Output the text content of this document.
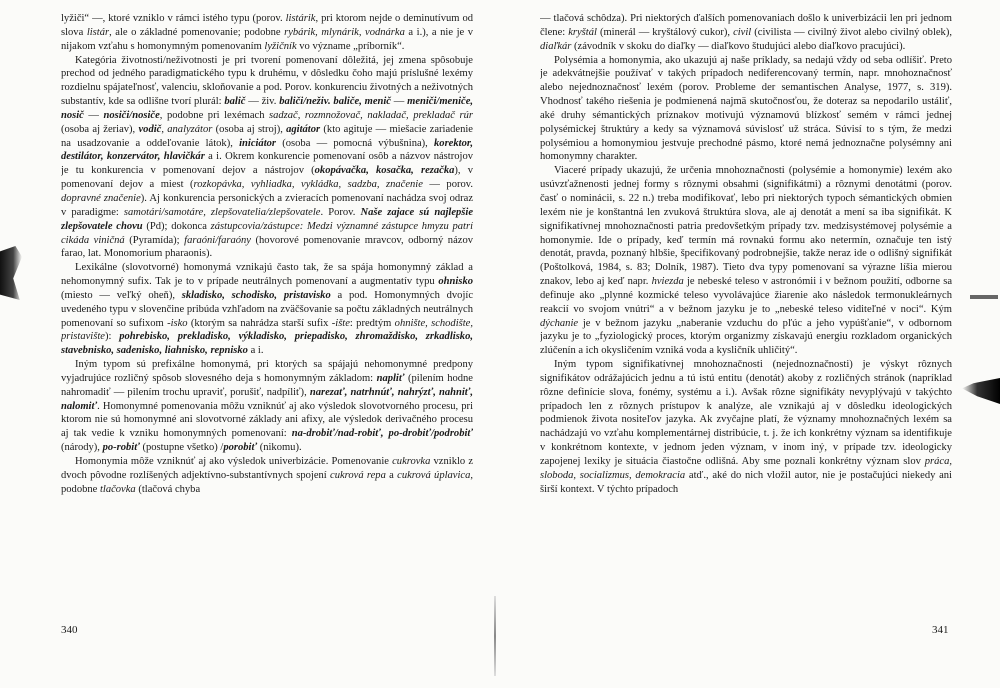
lyžiči“ —, ktoré vzniklo v rámci istého typu (porov. listárik, pri ktorom nejde o deminutívum od slova listár, ale o základné pomenovanie; podobne rybárik, mlynárik, vodnárka a i.), a nie je v nijakom vzťahu s homonymným pomenovaním lyžičník vo význame „príborník“.

Kategória životnosti/neživotnosti je pri tvorení pomenovaní dôležitá, jej zmena spôsobuje prechod od jedného paradigmatického typu k druhému, v dôsledku čoho majú príslušné lexémy rozdielnu spájateľnosť, valenciu, skloňovanie a pod. Porov. konkurenciu životných a neživotných substantív, kde sa odlišne tvorí plurál: balič — živ. baliči/neživ. baliče, menič — meniči/meniče, nosič — nosiči/nosiče, podobne pri lexémach sadzač, rozmnožovač, nakladač, prekladač rúr (osoba aj žeriav), vodič, analyzátor (osoba aj stroj), agitátor (kto agituje — miešacie zariadenie na usadzovanie a oddeľovanie látok), iniciátor (osoba — pomocná výbušnina), korektor, destilátor, konzervátor, hlavičkár a i. Okrem konkurencie pomenovaní osôb a názvov nástrojov je tu konkurencia v pomenovaní dejov a nástrojov (okopávačka, kosačka, rezačka), v pomenovaní dejov a miest (rozkopávka, vyhliadka, vykládka, sadzba, značenie — porov. dopravné značenie). Aj konkurencia personických a zvieracích pomenovaní nachádza svoj odraz v paradigme: samotári/samotáre, zlepšovatelia/zlepšovatele. Porov. Naše zajace sú najlepšie zlepšovatele chovu (Pd); dokonca zástupcovia/zástupce: Medzi významné zástupce hmyzu patrí cikáda viničná (Pyramída); faraóni/faraóny (hovorové pomenovanie mravcov, odborný názov farao, lat. Monomorium pharaonis).

Lexikálne (slovotvorné) homonymá vznikajú často tak, že sa spája homonymný základ a nehomonymný sufix. Tak je to v prípade neutrálnych pomenovaní a augmentatív typu ohnisko (miesto — veľký oheň), skladisko, schodisko, pristavisko a pod. Homonymných dvojíc uvedeného typu v slovenčine pribúda vzhľadom na zväčšovanie sa počtu základných neutrálnych pomenovaní so sufixom -isko (ktorým sa nahrádza starší sufix -ište: predtým ohnište, schodište, pristavište): pohrebisko, prekladisko, výkladisko, priepadisko, zhromaždisko, zrkadlisko, stavebnisko, sadenisko, liahnisko, repnisko a i.

Iným typom sú prefixálne homonymá, pri ktorých sa spájajú nehomonymné predpony vyjadrujúce rozličný spôsob slovesného deja s homonymným základom: napliť (pilením hodne nahromadiť — pilením trochu upraviť, porušiť, nadpíliť), narezať, natrhnúť, nahrýzť, nahniť, nalomiť. Homonymné pomenovania môžu vzniknúť aj ako výsledok slovotvorného procesu, pri ktorom nie sú homonymné ani slovotvorné základy ani afixy, ale výsledok derivačného procesu aj tak vedie k vzniku homonymných pomenovaní: na-drobiť/nad-robiť, po-drobiť/podrobiť (národy), po-robiť (postupne všetko) /porobiť (nikomu).

Homonymia môže vzniknúť aj ako výsledok univerbizácie. Pomenovanie cukrovka vzniklo z dvoch pôvodne rozlíšených adjektívno-substantívnych spojení cukrová repa a cukrová úplavica, podobne tlačovka (tlačová chyba

— tlačová schôdza). Pri niektorých ďalších pomenovaniach došlo k univerbizácii len pri jednom člene: kryštál (minerál — kryštálový cukor), civil (civilista — civilný život alebo civilný oblek), diaľkár (závodník v skoku do diaľky — diaľkovo študujúci alebo diaľkovo pracujúci).

Polysémia a homonymia, ako ukazujú aj naše príklady, sa nedajú vždy od seba odlíšiť. Preto je adekvátnejšie používať v takých prípadoch nediferencovaný termín, napr. mnohoznačnosť alebo nejednoznačnosť lexém (porov. Probleme der semantischen Analyse, 1977, s. 319). Vhodnosť takého riešenia je podmienená najmä skutočnosťou, že doteraz sa nepodarilo ustáliť, aké druhy sémantických príznakov motivujú významovú blízkosť semém v rámci jednej polysémickej štruktúry a kedy sa významová súvislosť už stráca. Súvisí to s tým, že medzi polysémiou a homonymiou jestvuje prechodné pásmo, ktoré nemá jednoznačne polysémny ani homonymny charakter.

Viaceré prípady ukazujú, že určenia mnohoznačnosti (polysémie a homonymie) lexém ako usúvzťažnenosti jednej formy s rôznymi obsahmi (signifikátmi) a rôznymi denotátmi (porov. časť o nominácii, s. 22 n.) treba modifikovať, lebo pri niektorých typoch sémantických obmien lexém nie je konštantná len zvuková štruktúra slova, ale aj denotát a mení sa iba signifikát. K signifikatívnej mnohoznačnosti patria predovšetkým prípady tzv. medzisystémovej polysémie a homonymie. Ide o prípady, keď termín má rovnakú formu ako netermín, označuje ten istý denotát, pravda, poznaný hlbšie, špecifikovaný podrobnejšie, takže neraz ide o odlišný signifikát (Poštolková, 1984, s. 83; Dolník, 1987). Tieto dva typy pomenovaní sa výrazne líšia mierou znakov, lebo aj keď napr. hviezda je nebeské teleso v astronómii i v bežnom použití, odborne sa definuje ako „plynné kozmické teleso vyvolávajúce žiarenie ako následok termonukleárnych reakcií vo svojom vnútri“ a v bežnom jazyku je to „nebeské teleso viditeľné v noci“. Kým dýchanie je v bežnom jazyku „naberanie vzduchu do pľúc a jeho vypúšťanie“, v odbornom jazyku je to „fyziologický proces, ktorým organizmy získavajú energiu rozkladom organických zlúčenín a ich okysličením vzniká voda a kysličník uhličitý“.

Iným typom signifikatívnej mnohoznačnosti (nejednoznačnosti) je výskyt rôznych signifikátov odrážajúcich jednu a tú istú entitu (denotát) akoby z rozličných stránok (napríklad rôzne definície slova, fonémy, systému a i.). Avšak rôzne signifikáty nevyplývajú v takýchto prípadoch len z rôznych prístupov k analýze, ale vznikajú aj v dôsledku ideologických podmienok života nositeľov jazyka. Ak zvyčajne platí, že významy mnohoznačných lexém sa nachádzajú vo vzťahu komplementárnej distribúcie, t. j. že ich konkrétny význam sa identifikuje v konkrétnom kontexte, v jednom jeden význam, v inom iný, v prípade tzv. ideologicky zapojenej lexiky je situácia čiastočne odlišná. Aby sme poznali konkrétny význam slov práca, sloboda, socializmus, demokracia atď., aké do nich vložil autor, nie je postačujúci niekedy ani širší kontext. V týchto prípadoch

340	341
